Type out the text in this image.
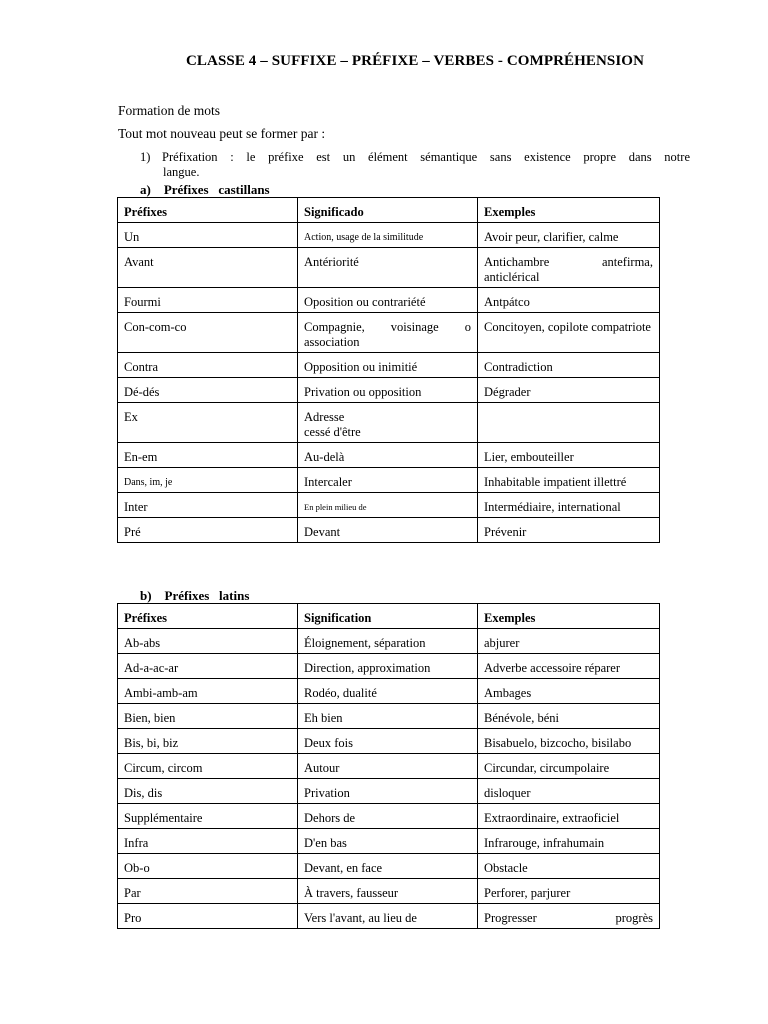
CLASSE 4 – SUFFIXE – PRÉFIXE – VERBES - COMPRÉHENSION
Formation de mots
Tout mot nouveau peut se former par :
1) Préfixation : le préfixe est un élément sémantique sans existence propre dans notre
langue.
a)    Préfixes   castillans
Préfixes	Significado	Exemples
Un	Action, usage de la similitude	Avoir peur, clarifier, calme
Avant	Antériorité	Antichambre antefirma, anticlérical
Fourmi	Oposition ou contrariété	Antpátco
Con-com-co	Compagnie, voisinage o association	Concitoyen, copilote compatriote
Contra	Opposition ou inimitié	Contradiction
Dé-dés	Privation ou opposition	Dégrader
Ex	Adresse
cessé d'être	
En-em	Au-delà	Lier, embouteiller
Dans, im, je	Intercaler	Inhabitable impatient illettré
Inter	En plein milieu de	Intermédiaire, international
Pré	Devant	Prévenir
b)    Préfixes   latins
Préfixes	Signification	Exemples
Ab-abs	Éloignement, séparation	abjurer
Ad-a-ac-ar	Direction, approximation	Adverbe accessoire réparer
Ambi-amb-am	Rodéo, dualité	Ambages
Bien, bien	Eh bien	Bénévole, béni
Bis, bi, biz	Deux fois	Bisabuelo, bizcocho, bisilabo
Circum, circom	Autour	Circundar, circumpolaire
Dis, dis	Privation	disloquer
Supplémentaire	Dehors de	Extraordinaire, extraoficiel
Infra	D'en bas	Infrarouge, infrahumain
Ob-o	Devant, en face	Obstacle
Par	À travers, fausseur	Perforer, parjurer
Pro	Vers l'avant, au lieu de	Progresser progrès
